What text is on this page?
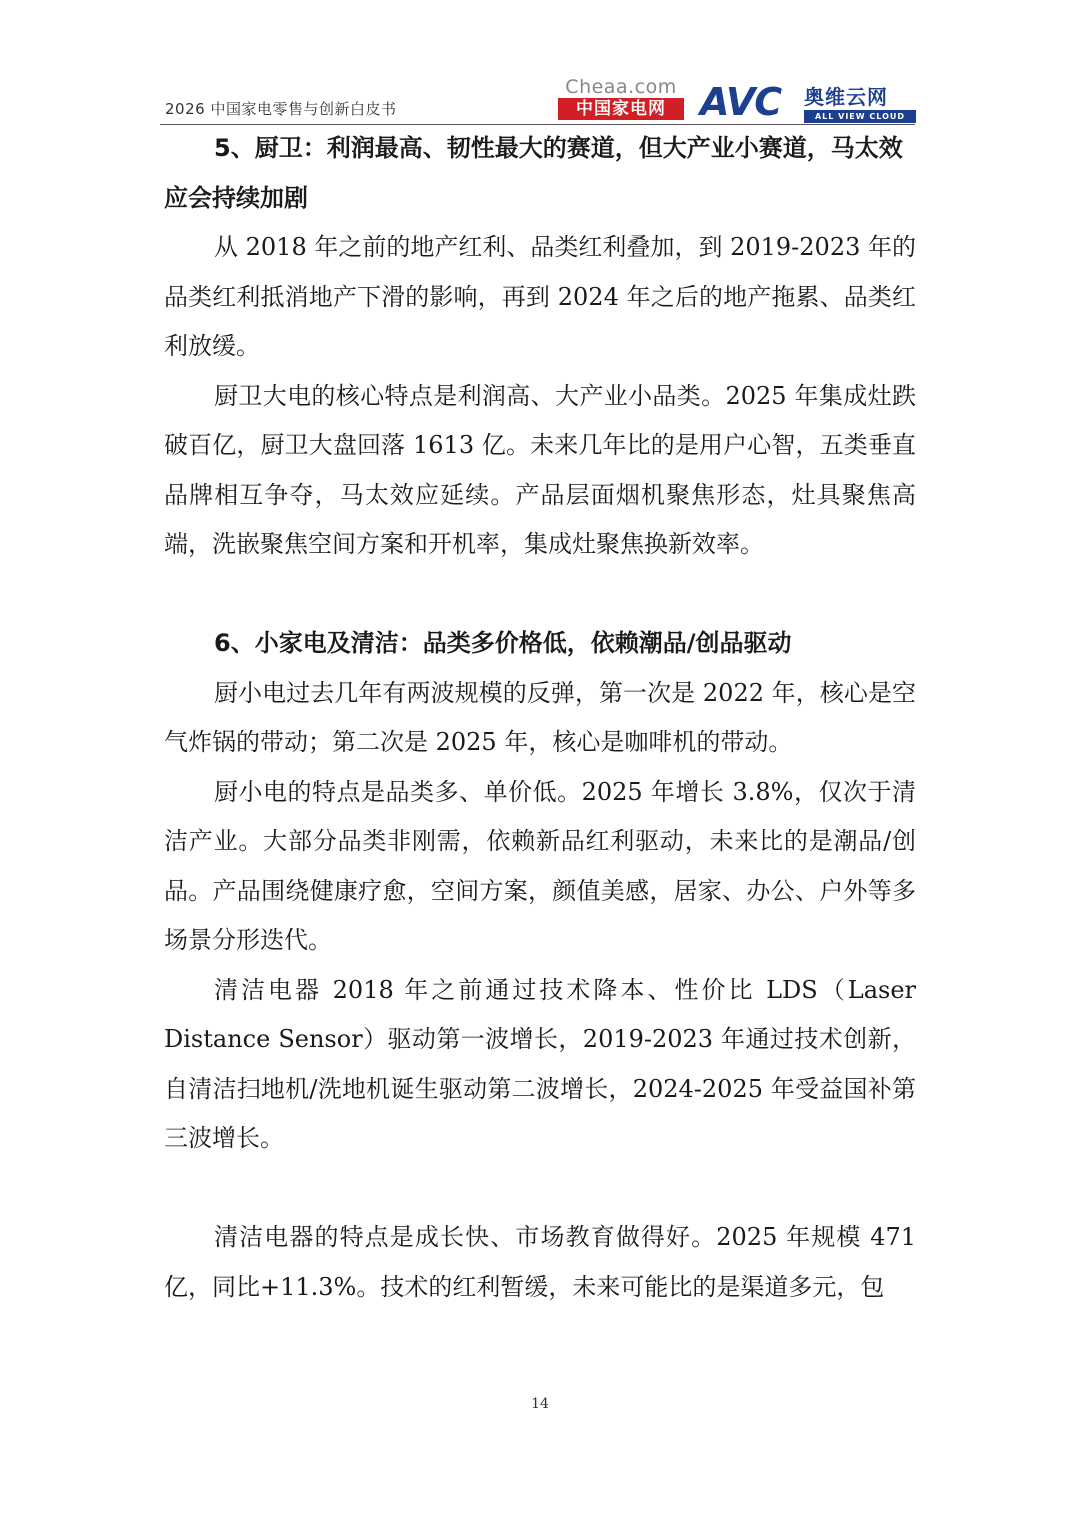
2026 中国家电零售与创新白皮书
Cheaa.com
中国家电网 AVC 奥维云网
ALL VIEW CLOUD

5、厨卫：利润最高、韧性最大的赛道，但大产业小赛道，马太效应会持续加剧

从 2018 年之前的地产红利、品类红利叠加，到 2019-2023 年的品类红利抵消地产下滑的影响，再到 2024 年之后的地产拖累、品类红利放缓。

厨卫大电的核心特点是利润高、大产业小品类。2025 年集成灶跌破百亿，厨卫大盘回落 1613 亿。未来几年比的是用户心智，五类垂直品牌相互争夺，马太效应延续。产品层面烟机聚焦形态，灶具聚焦高端，洗嵌聚焦空间方案和开机率，集成灶聚焦换新效率。

6、小家电及清洁：品类多价格低，依赖潮品/创品驱动

厨小电过去几年有两波规模的反弹，第一次是 2022 年，核心是空气炸锅的带动；第二次是 2025 年，核心是咖啡机的带动。

厨小电的特点是品类多、单价低。2025 年增长 3.8%，仅次于清洁产业。大部分品类非刚需，依赖新品红利驱动，未来比的是潮品/创品。产品围绕健康疗愈，空间方案，颜值美感，居家、办公、户外等多场景分形迭代。

清洁电器 2018 年之前通过技术降本、性价比 LDS（Laser Distance Sensor）驱动第一波增长，2019-2023 年通过技术创新，自清洁扫地机/洗地机诞生驱动第二波增长，2024-2025 年受益国补第三波增长。

清洁电器的特点是成长快、市场教育做得好。2025 年规模 471 亿，同比+11.3%。技术的红利暂缓，未来可能比的是渠道多元，包

14
